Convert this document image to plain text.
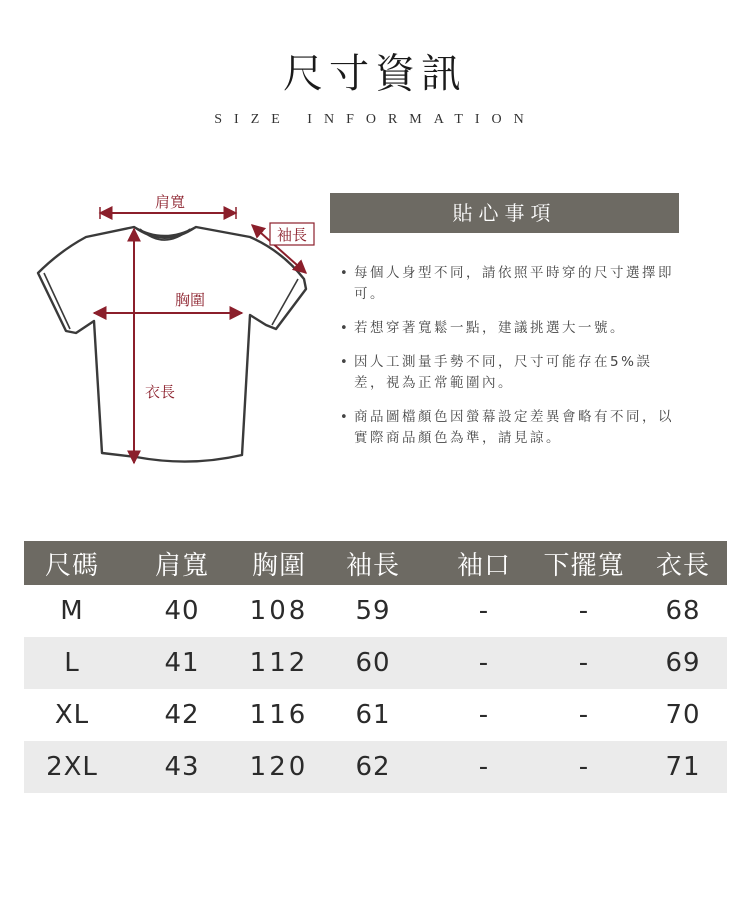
尺寸資訊
SIZE INFORMATION
肩寬
袖長
胸圍
衣長
貼心事項
• 每個人身型不同，請依照平時穿的尺寸選擇即可。
• 若想穿著寬鬆一點，建議挑選大一號。
• 因人工測量手勢不同，尺寸可能存在5%誤差，視為正常範圍內。
• 商品圖檔顏色因螢幕設定差異會略有不同，以實際商品顏色為準，請見諒。
尺碼	肩寬	胸圍	袖長	袖口	下擺寬	衣長
M	40	108	59	-	-	68
L	41	112	60	-	-	69
XL	42	116	61	-	-	70
2XL	43	120	62	-	-	71
